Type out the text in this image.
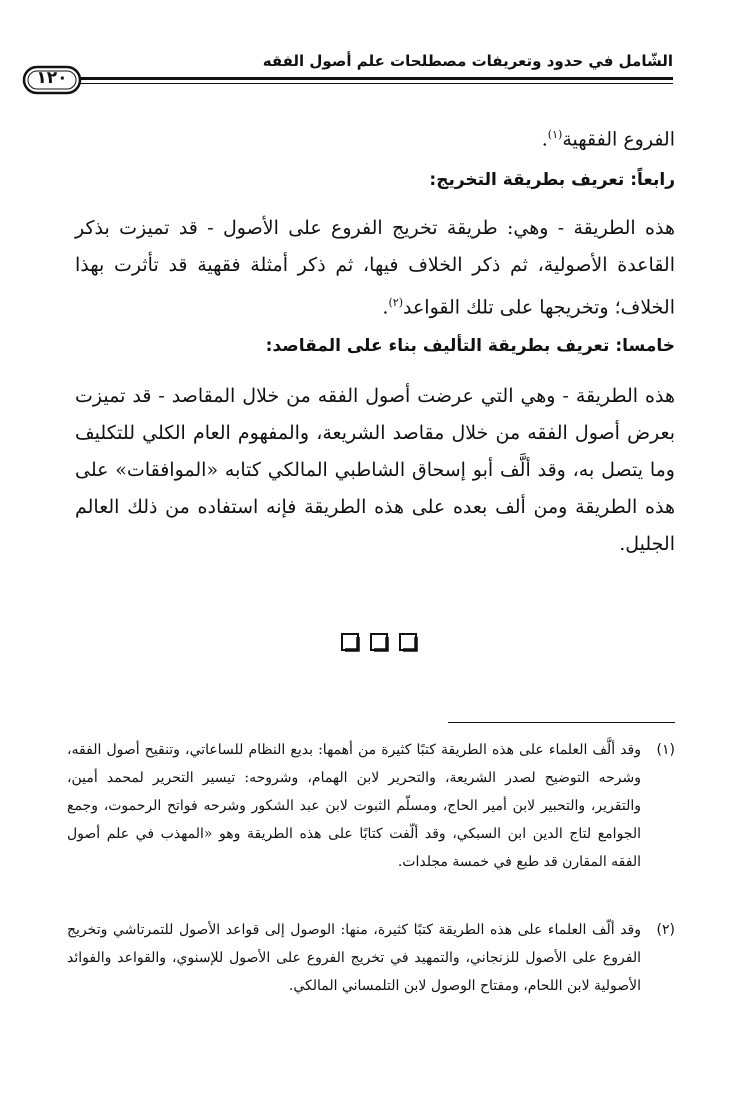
الشّامل في حدود وتعريفات مصطلحات علم أصول الفقه
١٢٠
الفروع الفقهية$^{(١)}$.
رابعاً: تعريف بطريقة التخريج:
هذه الطريقة - وهي: طريقة تخريج الفروع على الأصول - قد تميزت بذكر القاعدة الأصولية، ثم ذكر الخلاف فيها، ثم ذكر أمثلة فقهية قد تأثرت بهذا الخلاف؛ وتخريجها على تلك القواعد$^{(٢)}$.
خامسا: تعريف بطريقة التأليف بناء على المقاصد:
هذه الطريقة - وهي التي عرضت أصول الفقه من خلال المقاصد - قد تميزت بعرض أصول الفقه من خلال مقاصد الشريعة، والمفهوم العام الكلي للتكليف وما يتصل به، وقد ألَّف أبو إسحاق الشاطبي المالكي كتابه «الموافقات» على هذه الطريقة ومن ألف بعده على هذه الطريقة فإنه استفاده من ذلك العالم الجليل.
(١)
وقد ألَّف العلماء على هذه الطريقة كتبًا كثيرة من أهمها: بديع النظام للساعاتي، وتنقيح أصول الفقه، وشرحه التوضيح لصدر الشريعة، والتحرير لابن الهمام، وشروحه: تيسير التحرير لمحمد أمين، والتقرير، والتحبير لابن أمير الحاج، ومسلّم الثبوت لابن عبد الشكور وشرحه فواتح الرحموت، وجمع الجوامع لتاج الدين ابن السبكي، وقد ألّفت كتابًا على هذه الطريقة وهو «المهذب في علم أصول الفقه المقارن قد طبع في خمسة مجلدات.
(٢)
وقد ألّف العلماء على هذه الطريقة كتبًا كثيرة، منها: الوصول إلى قواعد الأصول للتمرتاشي وتخريج الفروع على الأصول للزنجاني، والتمهيد في تخريج الفروع على الأصول للإسنوي، والقواعد والفوائد الأصولية لابن اللحام، ومفتاح الوصول لابن التلمساني المالكي.
